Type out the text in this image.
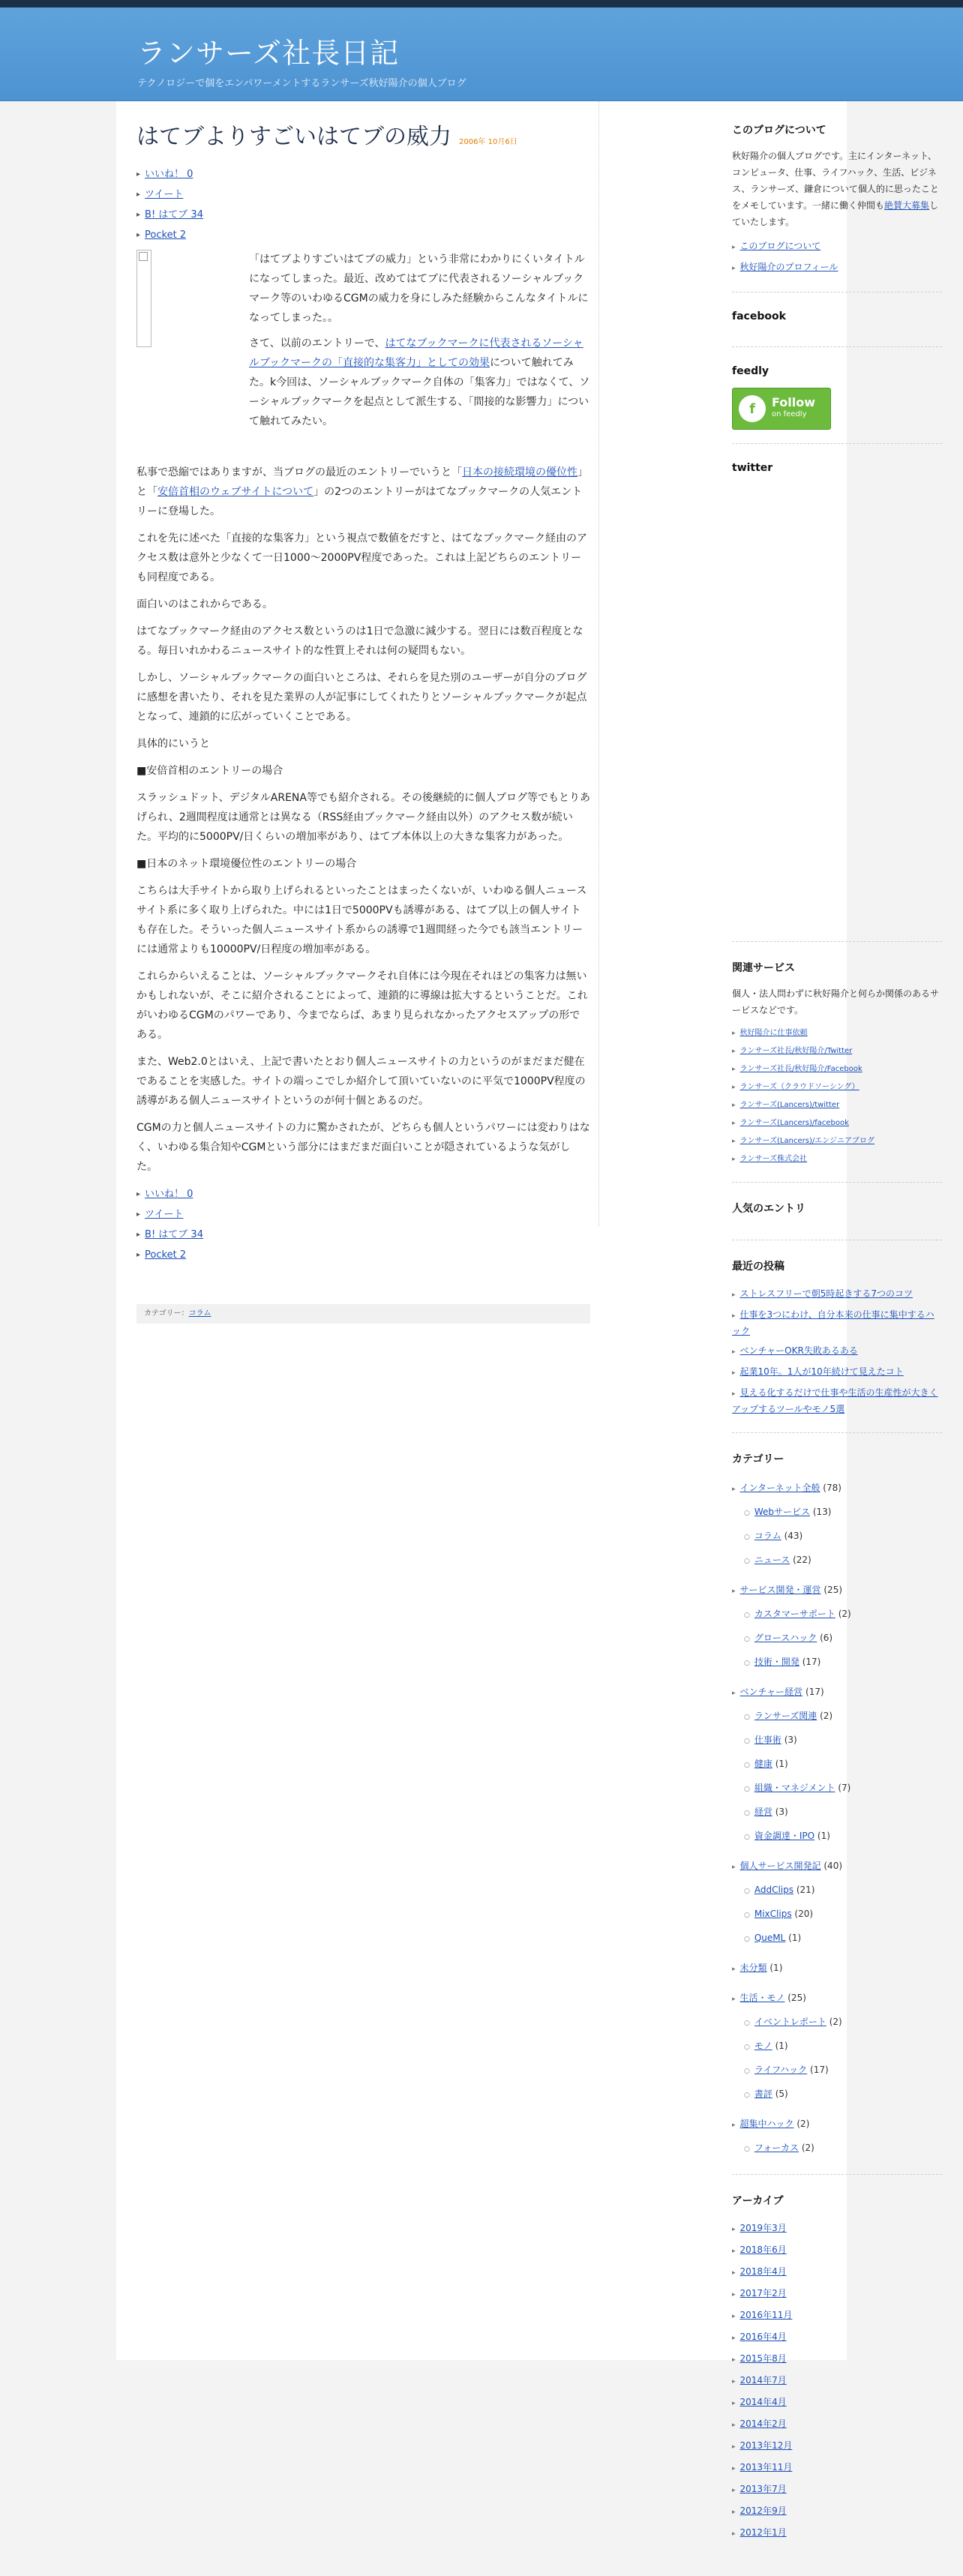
ランサーズ社長日記

テクノロジーで個をエンパワーメントするランサーズ秋好陽介の個人ブログ

はてブよりすごいはてブの威力 2006年 10月6日
▸ いいね！ 0
▸ ツイート
▸ B! はてブ 34
▸ Pocket 2

「はてブよりすごいはてブの威力」という非常にわかりにくいタイトルになってしまった。最近、改めてはてブに代表されるソーシャルブックマーク等のいわゆるCGMの威力を身にしみた経験からこんなタイトルになってしまった。。

さて、以前のエントリーで、はてなブックマークに代表されるソーシャルブックマークの「直接的な集客力」としての効果について触れてみた。k今回は、ソーシャルブックマーク自体の「集客力」ではなくて、ソーシャルブックマークを起点として派生する、「間接的な影響力」について触れてみたい。

私事で恐縮ではありますが、当ブログの最近のエントリーでいうと「日本の接続環境の優位性」と「安倍首相のウェブサイトについて」の2つのエントリーがはてなブックマークの人気エントリーに登場した。

これを先に述べた「直接的な集客力」という視点で数値をだすと、はてなブックマーク経由のアクセス数は意外と少なくて一日1000〜2000PV程度であった。これは上記どちらのエントリーも同程度である。

面白いのはこれからである。

はてなブックマーク経由のアクセス数というのは1日で急激に減少する。翌日には数百程度となる。毎日いれかわるニュースサイト的な性質上それは何の疑問もない。

しかし、ソーシャルブックマークの面白いところは、それらを見た別のユーザーが自分のブログに感想を書いたり、それを見た業界の人が記事にしてくれたりとソーシャルブックマークが起点となって、連鎖的に広がっていくことである。

具体的にいうと

■安倍首相のエントリーの場合

スラッシュドット、デジタルARENA等でも紹介される。その後継続的に個人ブログ等でもとりあげられ、2週間程度は通常とは異なる（RSS経由ブックマーク経由以外）のアクセス数が続いた。平均的に5000PV/日くらいの増加率があり、はてブ本体以上の大きな集客力があった。

■日本のネット環境優位性のエントリーの場合

こちらは大手サイトから取り上げられるといったことはまったくないが、いわゆる個人ニュースサイト系に多く取り上げられた。中には1日で5000PVも誘導がある、はてブ以上の個人サイトも存在した。そういった個人ニュースサイト系からの誘導で1週間経った今でも該当エントリーには通常よりも10000PV/日程度の増加率がある。

これらからいえることは、ソーシャルブックマークそれ自体には今現在それほどの集客力は無いかもしれないが、そこに紹介されることによって、連鎖的に導線は拡大するということだ。これがいわゆるCGMのパワーであり、今までならば、あまり見られなかったアクセスアップの形である。

また、Web2.0とはいえ、上記で書いたとおり個人ニュースサイトの力というのがまだまだ健在であることを実感した。サイトの端っこでしか紹介して頂いていないのに平気で1000PV程度の誘導がある個人ニュースサイトというのが何十個とあるのだ。

CGMの力と個人ニュースサイトの力に驚かされたが、どちらも個人というパワーには変わりはなく、いわゆる集合知やCGMという部分にはまだまだ面白いことが隠されているような気がした。

▸ いいね！ 0
▸ ツイート
▸ B! はてブ 34
▸ Pocket 2
カテゴリー：コラム
このブログについて

秋好陽介の個人ブログです。主にインターネット、コンピュータ、仕事、ライフハック、生活、ビジネス、ランサーズ、鎌倉について個人的に思ったことをメモしています。一緒に働く仲間も絶賛大募集していたします。

▸ このブログについて
▸ 秋好陽介のプロフィール
facebook
feedly
f	Follow
on feedly
twitter
関連サービス

個人・法人問わずに秋好陽介と何らか関係のあるサービスなどです。

▸ 秋好陽介に仕事依頼
▸ ランサーズ社長/秋好陽介/Twitter
▸ ランサーズ社長/秋好陽介/Facebook
▸ ランサーズ（クラウドソーシング）
▸ ランサーズ(Lancers)/twitter
▸ ランサーズ(Lancers)/facebook
▸ ランサーズ(Lancers)/エンジニアブログ
▸ ランサーズ株式会社
人気のエントリ
最近の投稿
▸ ストレスフリーで朝5時起きする7つのコツ
▸ 仕事を3つにわけ、自分本来の仕事に集中するハック
▸ ベンチャーOKR失敗あるある
▸ 起業10年。1人が10年続けて見えたコト
▸ 見える化するだけで仕事や生活の生産性が大きくアップするツールやモノ5選
カテゴリー
▸ インターネット全般 (78)
○ Webサービス (13)
○ コラム (43)
○ ニュース (22)
▸ サービス開発・運営 (25)
○ カスタマーサポート (2)
○ グロースハック (6)
○ 技術・開発 (17)
▸ ベンチャー経営 (17)
○ ランサーズ関連 (2)
○ 仕事術 (3)
○ 健康 (1)
○ 組織・マネジメント (7)
○ 経営 (3)
○ 資金調達・IPO (1)
▸ 個人サービス開発記 (40)
○ AddClips (21)
○ MixClips (20)
○ QueML (1)
▸ 未分類 (1)
▸ 生活・モノ (25)
○ イベントレポート (2)
○ モノ (1)
○ ライフハック (17)
○ 書評 (5)
▸ 超集中ハック (2)
○ フォーカス (2)
アーカイブ
▸ 2019年3月
▸ 2018年6月
▸ 2018年4月
▸ 2017年2月
▸ 2016年11月
▸ 2016年4月
▸ 2015年8月
▸ 2014年7月
▸ 2014年4月
▸ 2014年2月
▸ 2013年12月
▸ 2013年11月
▸ 2013年7月
▸ 2012年9月
▸ 2012年1月
